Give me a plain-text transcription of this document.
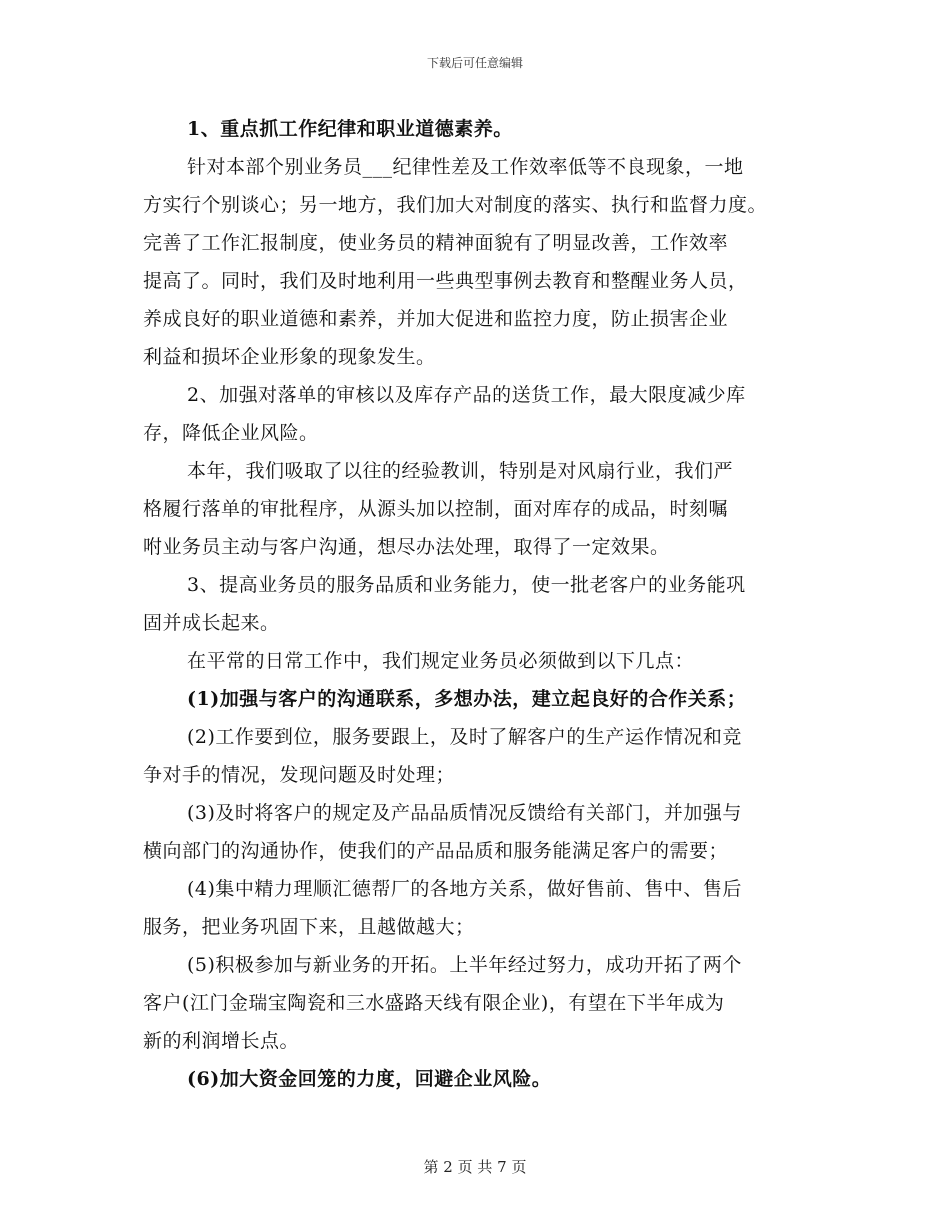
下载后可任意编辑
1、重点抓工作纪律和职业道德素养。
针对本部个别业务员___纪律性差及工作效率低等不良现象，一地
方实行个别谈心；另一地方，我们加大对制度的落实、执行和监督力度。
完善了工作汇报制度，使业务员的精神面貌有了明显改善，工作效率
提高了。同时，我们及时地利用一些典型事例去教育和整醒业务人员，
养成良好的职业道德和素养，并加大促进和监控力度，防止损害企业
利益和损坏企业形象的现象发生。
2、加强对落单的审核以及库存产品的送货工作，最大限度减少库
存，降低企业风险。
本年，我们吸取了以往的经验教训，特别是对风扇行业，我们严
格履行落单的审批程序，从源头加以控制，面对库存的成品，时刻嘱
咐业务员主动与客户沟通，想尽办法处理，取得了一定效果。
3、提高业务员的服务品质和业务能力，使一批老客户的业务能巩
固并成长起来。
在平常的日常工作中，我们规定业务员必须做到以下几点：
(1)加强与客户的沟通联系，多想办法，建立起良好的合作关系；
(2)工作要到位，服务要跟上，及时了解客户的生产运作情况和竞
争对手的情况，发现问题及时处理；
(3)及时将客户的规定及产品品质情况反馈给有关部门，并加强与
横向部门的沟通协作，使我们的产品品质和服务能满足客户的需要；
(4)集中精力理顺汇德帮厂的各地方关系，做好售前、售中、售后
服务，把业务巩固下来，且越做越大；
(5)积极参加与新业务的开拓。上半年经过努力，成功开拓了两个
客户(江门金瑞宝陶瓷和三水盛路天线有限企业)，有望在下半年成为
新的利润增长点。
(6)加大资金回笼的力度，回避企业风险。
第 2 页 共 7 页
